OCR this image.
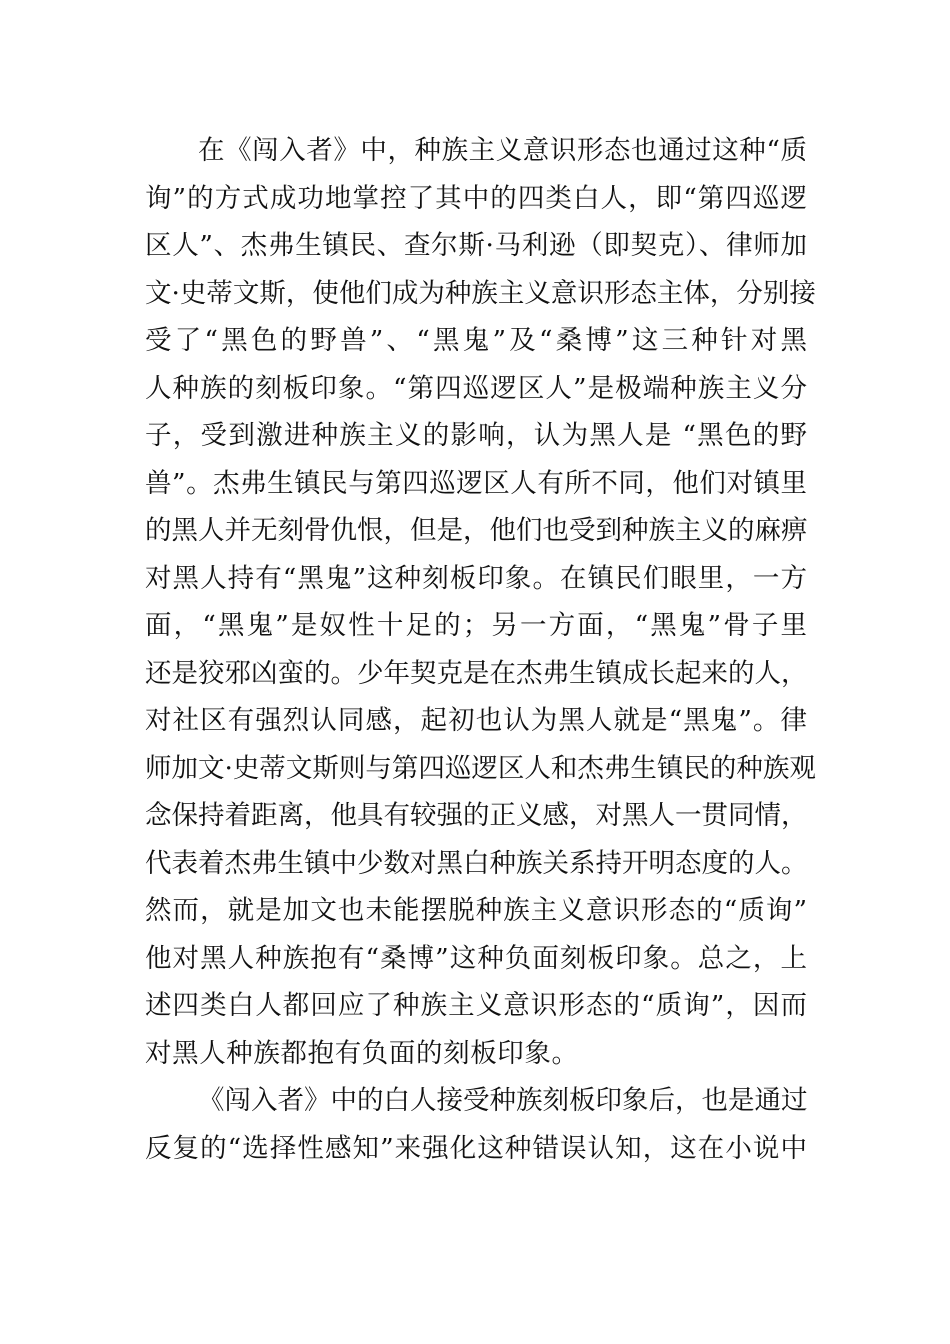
在《闯入者》中，种族主义意识形态也通过这种“质
询”的方式成功地掌控了其中的四类白人，即“第四巡逻
区人”、杰弗生镇民、查尔斯·马利逊（即契克）、律师加
文·史蒂文斯，使他们成为种族主义意识形态主体，分别接
受了“黑色的野兽”、“黑鬼”及“桑博”这三种针对黑
人种族的刻板印象。“第四巡逻区人”是极端种族主义分
子，受到激进种族主义的影响，认为黑人是 “黑色的野
兽”。杰弗生镇民与第四巡逻区人有所不同，他们对镇里
的黑人并无刻骨仇恨，但是，他们也受到种族主义的麻痹
对黑人持有“黑鬼”这种刻板印象。在镇民们眼里，一方
面，“黑鬼”是奴性十足的；另一方面，“黑鬼”骨子里
还是狡邪凶蛮的。少年契克是在杰弗生镇成长起来的人，
对社区有强烈认同感，起初也认为黑人就是“黑鬼”。律
师加文·史蒂文斯则与第四巡逻区人和杰弗生镇民的种族观
念保持着距离，他具有较强的正义感，对黑人一贯同情，
代表着杰弗生镇中少数对黑白种族关系持开明态度的人。
然而，就是加文也未能摆脱种族主义意识形态的“质询”
他对黑人种族抱有“桑博”这种负面刻板印象。总之，上
述四类白人都回应了种族主义意识形态的“质询”，因而
对黑人种族都抱有负面的刻板印象。
《闯入者》中的白人接受种族刻板印象后，也是通过
反复的“选择性感知”来强化这种错误认知，这在小说中
